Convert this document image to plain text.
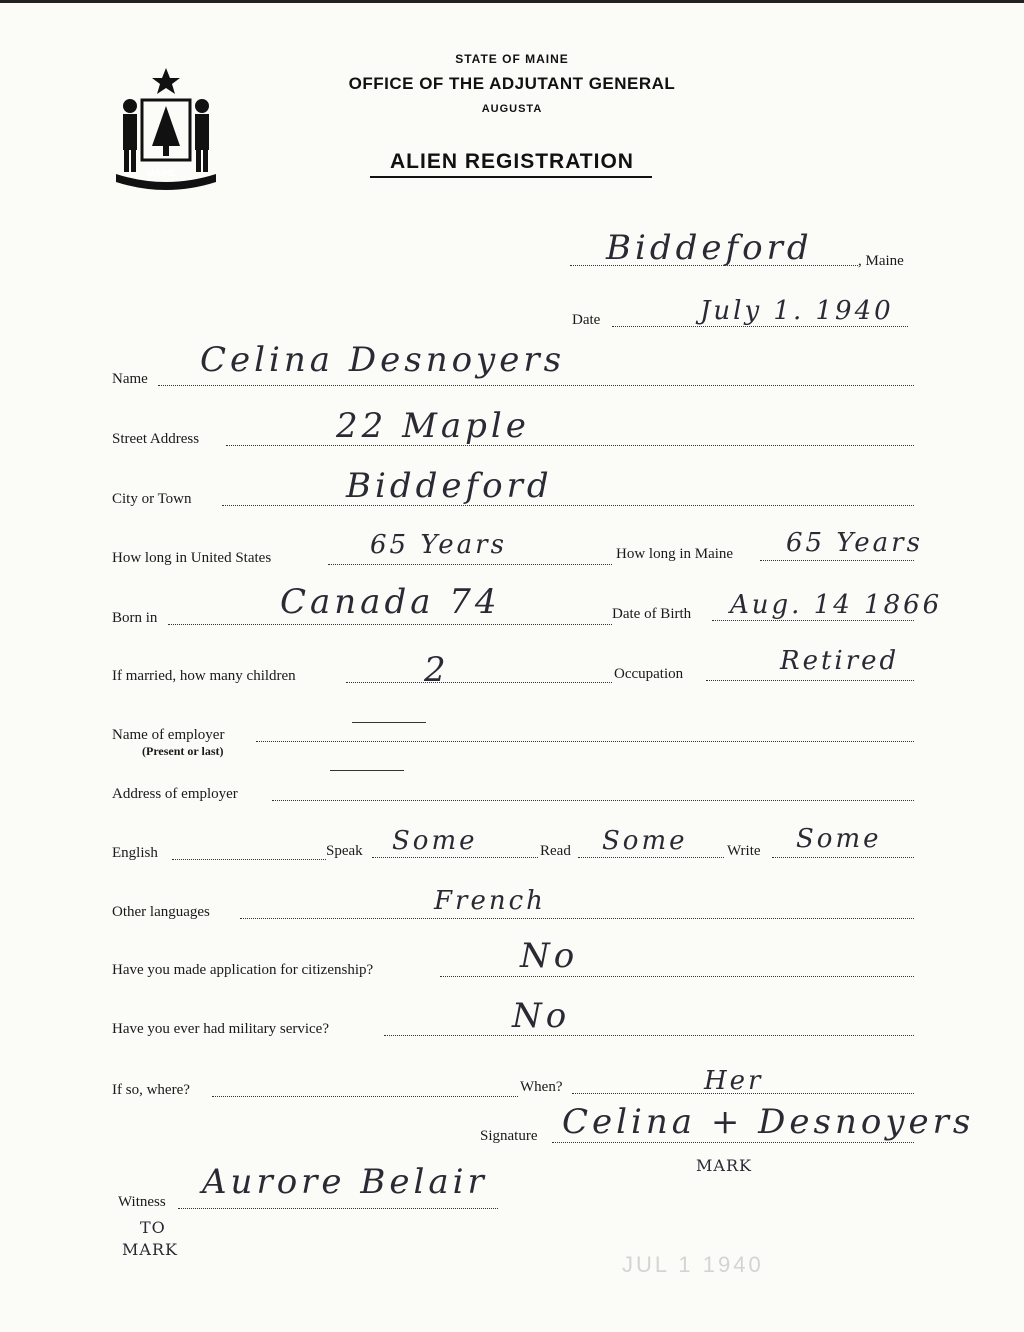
MAINE
STATE OF MAINE
OFFICE OF THE ADJUTANT GENERAL
AUGUSTA
ALIEN REGISTRATION
Biddeford	, Maine
Date	July 1. 1940
Name Celina Desnoyers
Street Address	22 Maple
City or Town	Biddeford
How long in United States	65 Years	How long in Maine 65 Years
Born in	Canada 74	Date of Birth Aug. 14 1866
If married, how many children	2	Occupation	Retired
Name of employer
(Present or last)
Address of employer
English	Speak Some	Read Some	Write Some
Other languages	French
Have you made application for citizenship?	No
Have you ever had military service?	No
If so, where?	When?	Her
Signature Celina + Desnoyers
MARK
Witness Aurore Belair
TO
MARK
JUL 1 1940
